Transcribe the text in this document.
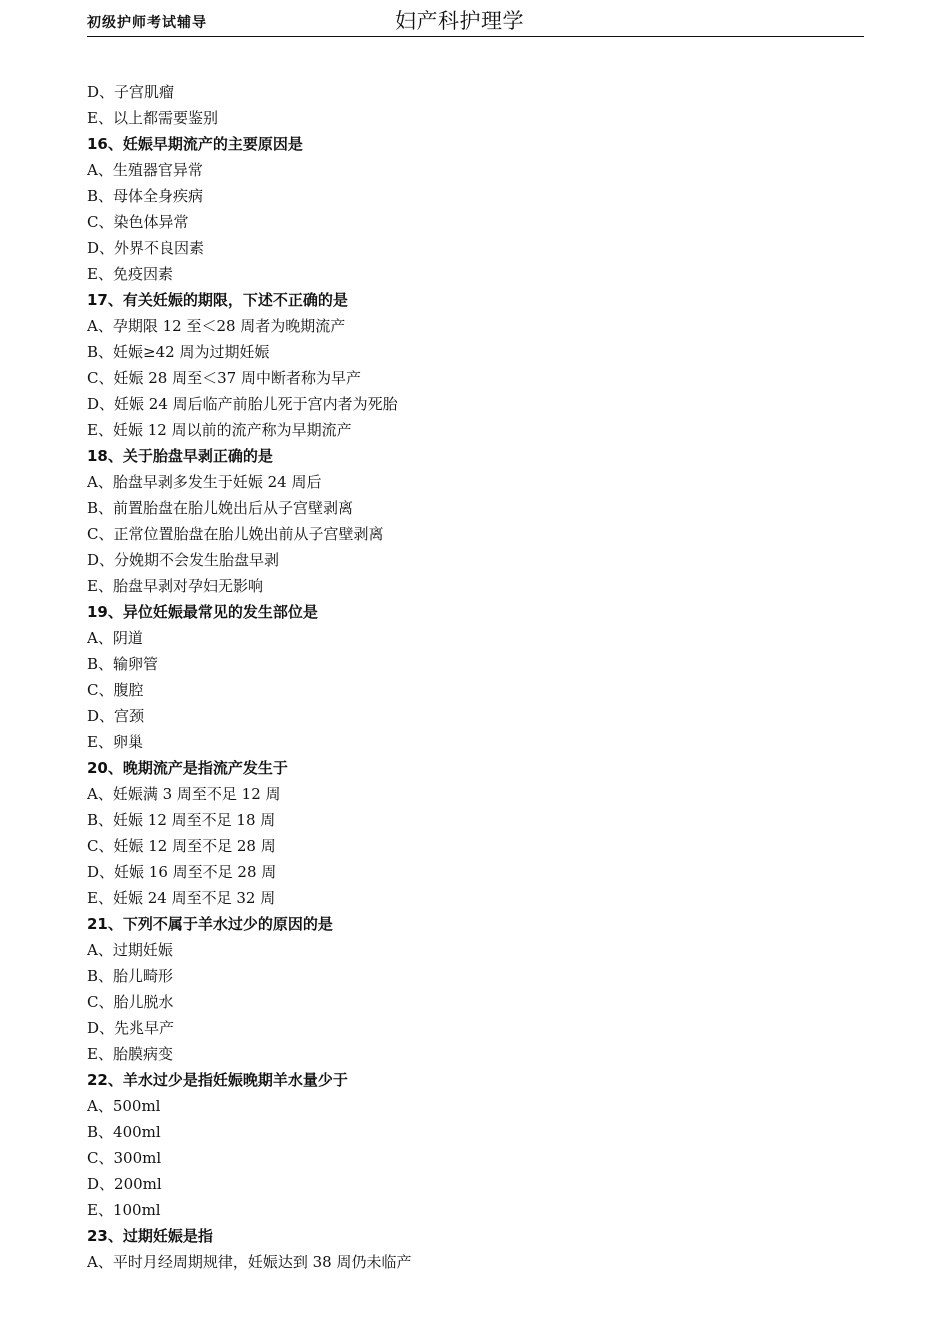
初级护师考试辅导	妇产科护理学
D、子宫肌瘤
E、以上都需要鉴别
16、妊娠早期流产的主要原因是
A、生殖器官异常
B、母体全身疾病
C、染色体异常
D、外界不良因素
E、免疫因素
17、有关妊娠的期限，下述不正确的是
A、孕期限 12 至＜28 周者为晚期流产
B、妊娠≥42 周为过期妊娠
C、妊娠 28 周至＜37 周中断者称为早产
D、妊娠 24 周后临产前胎儿死于宫内者为死胎
E、妊娠 12 周以前的流产称为早期流产
18、关于胎盘早剥正确的是
A、胎盘早剥多发生于妊娠 24 周后
B、前置胎盘在胎儿娩出后从子宫壁剥离
C、正常位置胎盘在胎儿娩出前从子宫壁剥离
D、分娩期不会发生胎盘早剥
E、胎盘早剥对孕妇无影响
19、异位妊娠最常见的发生部位是
A、阴道
B、输卵管
C、腹腔
D、宫颈
E、卵巢
20、晚期流产是指流产发生于
A、妊娠满 3 周至不足 12 周
B、妊娠 12 周至不足 18 周
C、妊娠 12 周至不足 28 周
D、妊娠 16 周至不足 28 周
E、妊娠 24 周至不足 32 周
21、下列不属于羊水过少的原因的是
A、过期妊娠
B、胎儿畸形
C、胎儿脱水
D、先兆早产
E、胎膜病变
22、羊水过少是指妊娠晚期羊水量少于
A、500ml
B、400ml
C、300ml
D、200ml
E、100ml
23、过期妊娠是指
A、平时月经周期规律，妊娠达到 38 周仍未临产
